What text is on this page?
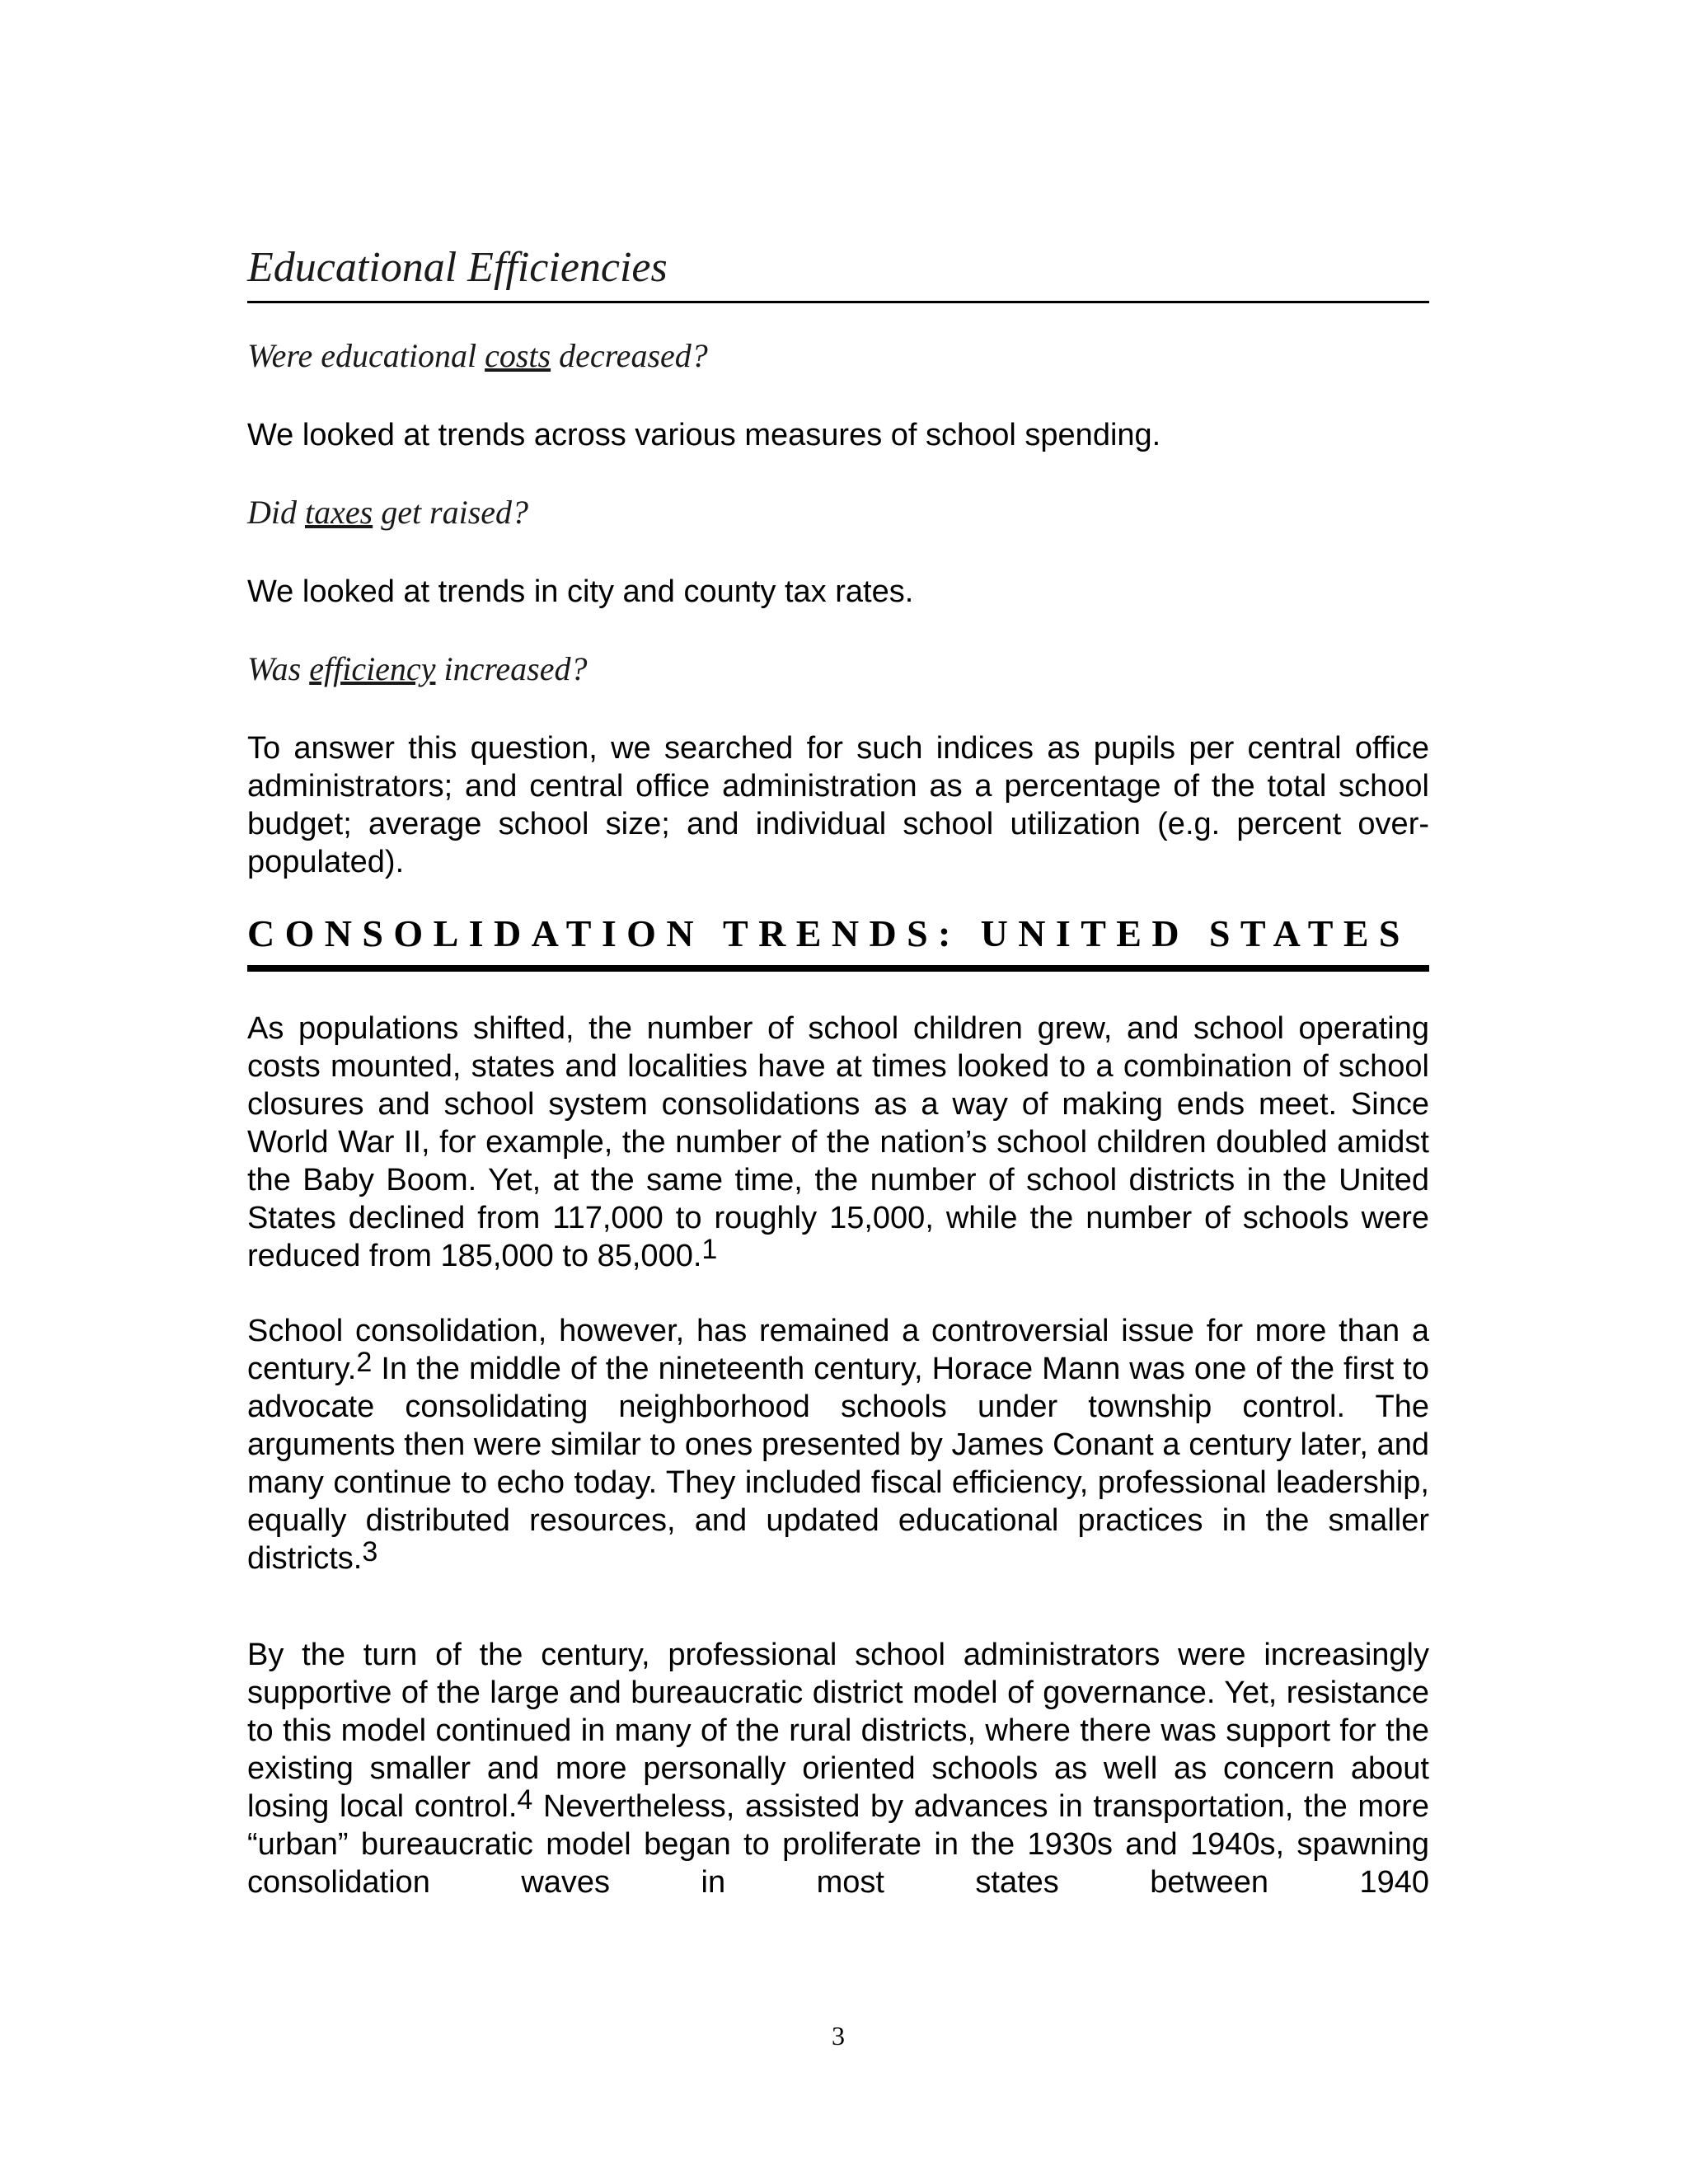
Educational Efficiencies
Were educational costs decreased?
We looked at trends across various measures of school spending.
Did taxes get raised?
We looked at trends in city and county tax rates.
Was efficiency increased?
To answer this question, we searched for such indices as pupils per central office administrators; and central office administration as a percentage of the total school budget; average school size; and individual school utilization (e.g. percent over-populated).
CONSOLIDATION TRENDS: UNITED STATES
As populations shifted, the number of school children grew, and school operating costs mounted, states and localities have at times looked to a combination of school closures and school system consolidations as a way of making ends meet. Since World War II, for example, the number of the nation’s school children doubled amidst the Baby Boom. Yet, at the same time, the number of school districts in the United States declined from 117,000 to roughly 15,000, while the number of schools were reduced from 185,000 to 85,000.$^1$
School consolidation, however, has remained a controversial issue for more than a century.$^2$ In the middle of the nineteenth century, Horace Mann was one of the first to advocate consolidating neighborhood schools under township control. The arguments then were similar to ones presented by James Conant a century later, and many continue to echo today. They included fiscal efficiency, professional leadership, equally distributed resources, and updated educational practices in the smaller districts.$^3$
By the turn of the century, professional school administrators were increasingly supportive of the large and bureaucratic district model of governance. Yet, resistance to this model continued in many of the rural districts, where there was support for the existing smaller and more personally oriented schools as well as concern about losing local control.$^4$ Nevertheless, assisted by advances in transportation, the more “urban” bureaucratic model began to proliferate in the 1930s and 1940s, spawning consolidation waves in most states between 1940
3
